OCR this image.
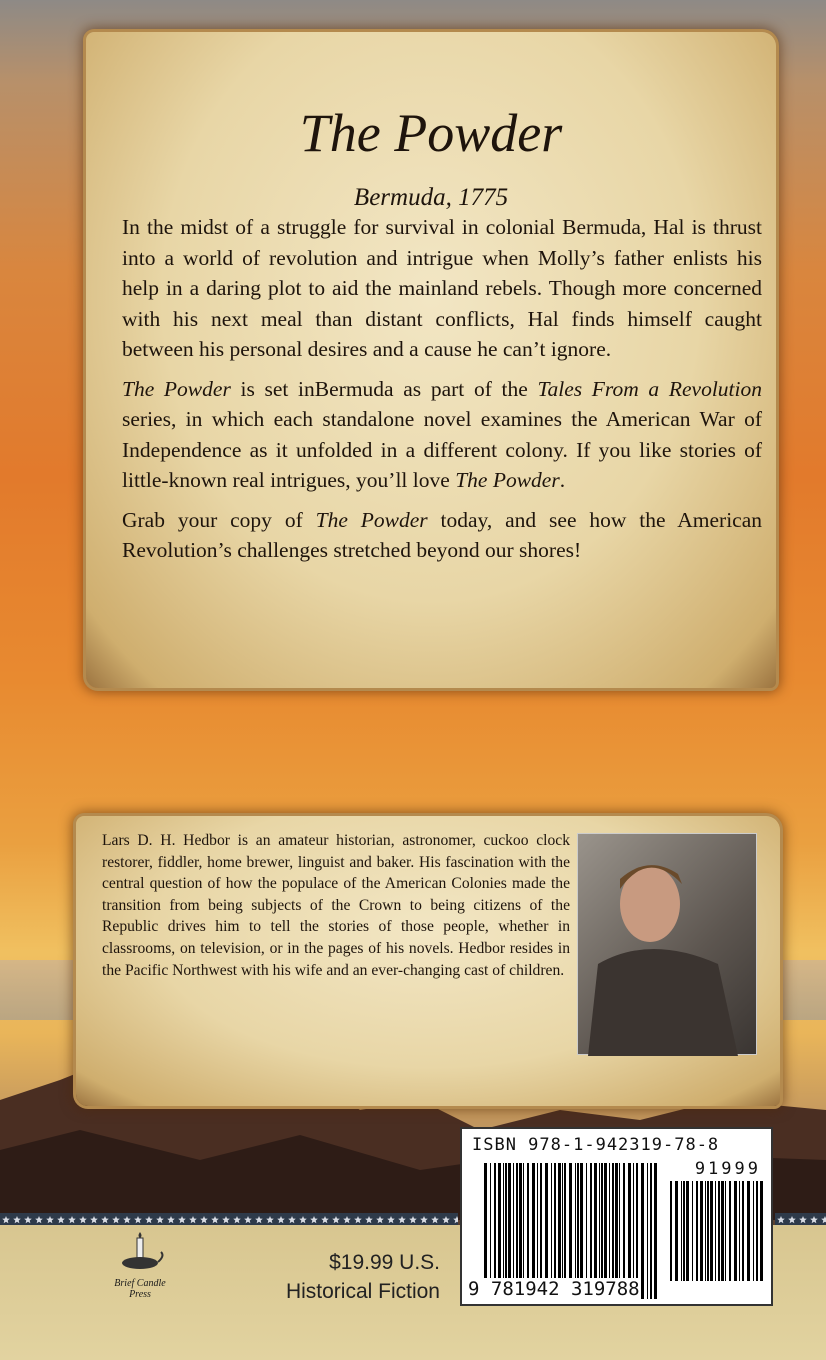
The Powder
Bermuda, 1775

In the midst of a struggle for survival in colonial Bermuda, Hal is thrust into a world of revolution and intrigue when Molly’s father enlists his help in a daring plot to aid the mainland rebels. Though more concerned with his next meal than distant conflicts, Hal finds himself caught between his personal desires and a cause he can’t ignore.

The Powder is set inBermuda as part of the Tales From a Revolution series, in which each standalone novel examines the American War of Independence as it unfolded in a different colony. If you like stories of little-known real intrigues, you’ll love The Powder.

Grab your copy of The Powder today, and see how the American Revolution’s challenges stretched beyond our shores!

Lars D. H. Hedbor is an amateur historian, astronomer, cuckoo clock restorer, fiddler, home brewer, linguist and baker. His fascination with the central question of how the populace of the American Colonies made the transition from being subjects of the Crown to being citizens of the Republic drives him to tell the stories of those people, whether in classrooms, on television, or in the pages of his novels. Hedbor resides in the Pacific Northwest with his wife and an ever-changing cast of children.
Brief Candle
Press
$19.99 U.S.
Historical Fiction
ISBN 978-1-942319-78-8
91999
9 781942 319788
